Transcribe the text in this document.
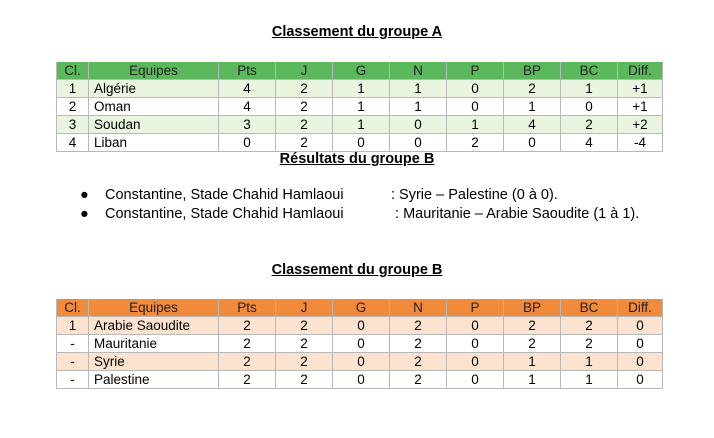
Classement du groupe A
Cl.	Equipes	Pts	J	G	N	P	BP	BC	Diff.
1	Algérie	4	2	1	1	0	2	1	+1
2	Oman	4	2	1	1	0	1	0	+1
3	Soudan	3	2	1	0	1	4	2	+2
4	Liban	0	2	0	0	2	0	4	-4
Résultats du groupe B
● Constantine, Stade Chahid Hamlaoui	: Syrie – Palestine (0 à 0).
● Constantine, Stade Chahid Hamlaoui	: Mauritanie – Arabie Saoudite (1 à 1).
Classement du groupe B
Cl.	Equipes	Pts	J	G	N	P	BP	BC	Diff.
1	Arabie Saoudite	2	2	0	2	0	2	2	0
-	Mauritanie	2	2	0	2	0	2	2	0
-	Syrie	2	2	0	2	0	1	1	0
-	Palestine	2	2	0	2	0	1	1	0
